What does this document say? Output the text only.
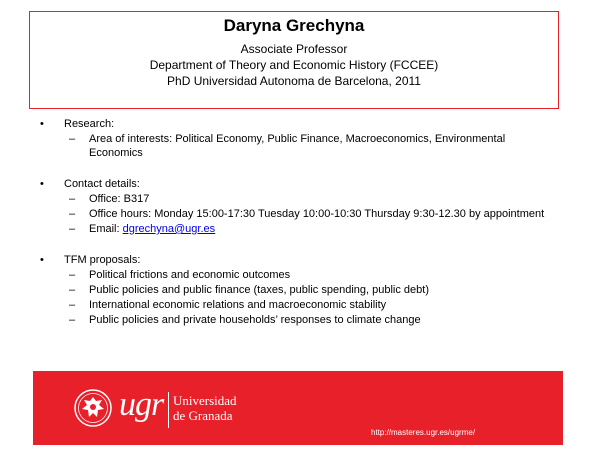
Daryna Grechyna
Associate Professor
Department of Theory and Economic History (FCCEE)
PhD Universidad Autonoma de Barcelona, 2011
•	Research:
–	Area of interests: Political Economy, Public Finance, Macroeconomics, Environmental Economics
•	Contact details:
–	Office: B317
–	Office hours: Monday 15:00-17:30 Tuesday 10:00-10:30 Thursday 9:30-12.30 by appointment
–	Email: dgrechyna@ugr.es
•	TFM proposals:
–	Political frictions and economic outcomes
–	Public policies and public finance (taxes, public spending, public debt)
–	International economic relations and macroeconomic stability
–	Public policies and private households’ responses to climate change
ugr Universidad
de Granada
http://masteres.ugr.es/ugrme/
